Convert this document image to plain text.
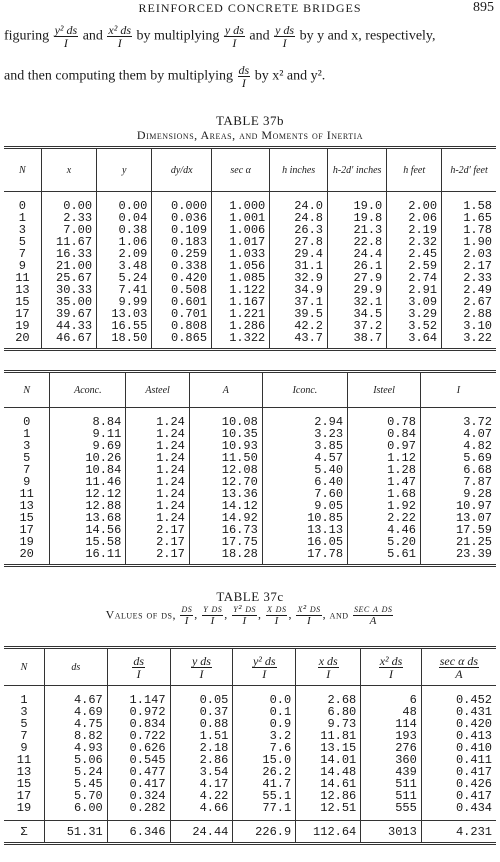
REINFORCED CONCRETE BRIDGES	895
figuring $\frac{\text{y² ds}}{I}$ and $\frac{\text{x² ds}}{I}$ by multiplying $\frac{\text{y ds}}{I}$ and $\frac{\text{y ds}}{I}$ by y and x, respectively,
and then computing them by multiplying $\frac{ds}{I}$ by x² and y².
TABLE 37b
Dimensions, Areas, and Moments of Inertia
N	x	y	dy/dx	sec α	h inches	h-2d′ inches	h feet	h-2d′ feet
0	0.00	0.00	0.000	1.000	24.0	19.0	2.00	1.58
1	2.33	0.04	0.036	1.001	24.8	19.8	2.06	1.65
3	7.00	0.38	0.109	1.006	26.3	21.3	2.19	1.78
5	11.67	1.06	0.183	1.017	27.8	22.8	2.32	1.90
7	16.33	2.09	0.259	1.033	29.4	24.4	2.45	2.03
9	21.00	3.48	0.338	1.056	31.1	26.1	2.59	2.17
11	25.67	5.24	0.420	1.085	32.9	27.9	2.74	2.33
13	30.33	7.41	0.508	1.122	34.9	29.9	2.91	2.49
15	35.00	9.99	0.601	1.167	37.1	32.1	3.09	2.67
17	39.67	13.03	0.701	1.221	39.5	34.5	3.29	2.88
19	44.33	16.55	0.808	1.286	42.2	37.2	3.52	3.10
20	46.67	18.50	0.865	1.322	43.7	38.7	3.64	3.22
N	Aconc.	Asteel	A	Iconc.	Isteel	I
0	8.84	1.24	10.08	2.94	0.78	3.72
1	9.11	1.24	10.35	3.23	0.84	4.07
3	9.69	1.24	10.93	3.85	0.97	4.82
5	10.26	1.24	11.50	4.57	1.12	5.69
7	10.84	1.24	12.08	5.40	1.28	6.68
9	11.46	1.24	12.70	6.40	1.47	7.87
11	12.12	1.24	13.36	7.60	1.68	9.28
13	12.88	1.24	14.12	9.05	1.92	10.97
15	13.68	1.24	14.92	10.85	2.22	13.07
17	14.56	2.17	16.73	13.13	4.46	17.59
19	15.58	2.17	17.75	16.05	5.20	21.25
20	16.11	2.17	18.28	17.78	5.61	23.39
TABLE 37c
Values of ds, $\frac{ds}{I}$ , $\frac{\text{y ds}}{I}$ , $\frac{\text{y² ds}}{I}$ , $\frac{\text{x ds}}{I}$ , $\frac{\text{x² ds}}{I}$ , and $\frac{\text{sec α ds}}{A}$
N	ds	$\frac{ds}{I}$	$\frac{\text{y ds}}{I}$	$\frac{\text{y² ds}}{I}$	$\frac{\text{x ds}}{I}$	$\frac{\text{x² ds}}{I}$	$\frac{\text{sec α ds}}{A}$

1	4.67	1.147	0.05	0.0	2.68	6	0.452
3	4.69	0.972	0.37	0.1	6.80	48	0.431
5	4.75	0.834	0.88	0.9	9.73	114	0.420
7	8.82	0.722	1.51	3.2	11.81	193	0.413
9	4.93	0.626	2.18	7.6	13.15	276	0.410
11	5.06	0.545	2.86	15.0	14.01	360	0.411
13	5.24	0.477	3.54	26.2	14.48	439	0.417
15	5.45	0.417	4.17	41.7	14.61	511	0.426
17	5.70	0.324	4.22	55.1	12.86	511	0.417
19	6.00	0.282	4.66	77.1	12.51	555	0.434
Σ	51.31	6.346	24.44	226.9	112.64	3013	4.231
